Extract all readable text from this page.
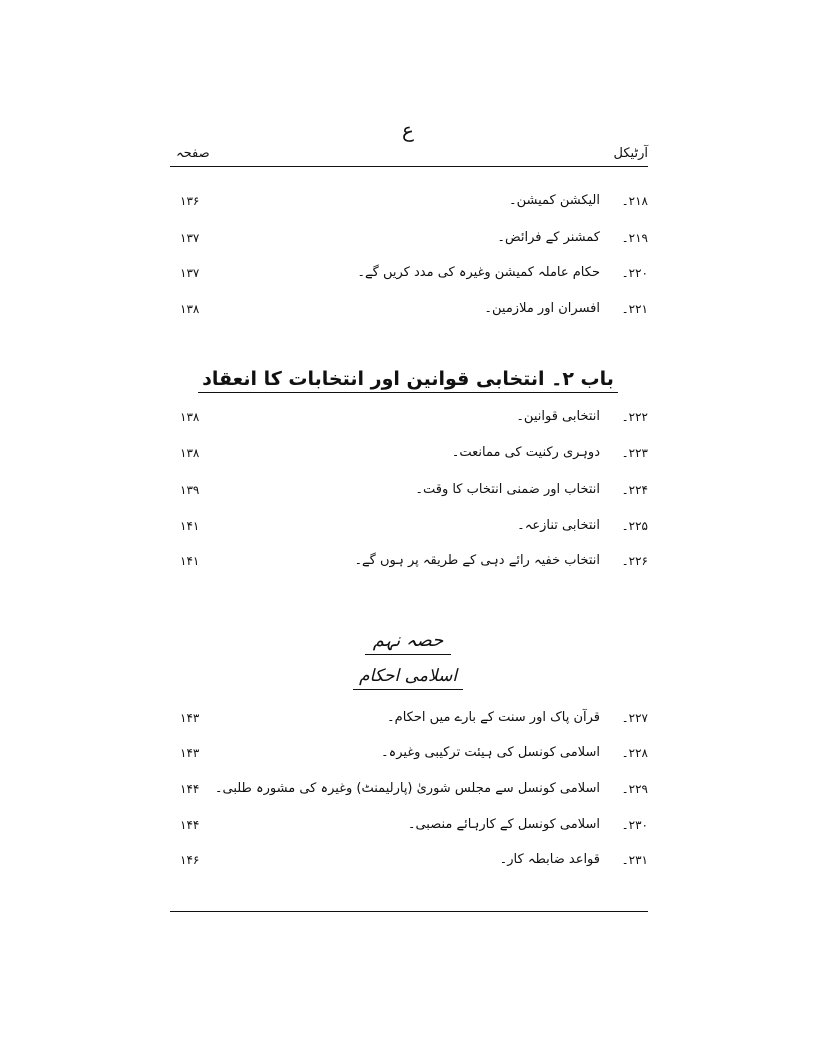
ع
صفحہ	آرٹیکل
۱۳۶	الیکشن کمیشن۔ ۲۱۸۔
۱۳۷	کمشنر کے فرائض۔ ۲۱۹۔
۱۳۷	حکام عاملہ کمیشن وغیرہ کی مدد کریں گے۔ ۲۲۰۔
۱۳۸	افسران اور ملازمین۔ ۲۲۱۔
باب ۲۔ انتخابی قوانین اور انتخابات کا انعقاد
۱۳۸	انتخابی قوانین۔ ۲۲۲۔
۱۳۸	دوہری رکنیت کی ممانعت۔ ۲۲۳۔
۱۳۹	انتخاب اور ضمنی انتخاب کا وقت۔ ۲۲۴۔
۱۴۱	انتخابی تنازعہ۔ ۲۲۵۔
۱۴۱	انتخاب خفیہ رائے دہی کے طریقہ پر ہوں گے۔ ۲۲۶۔
حصہ نہم
اسلامی احکام
۱۴۳	قرآن پاک اور سنت کے بارے میں احکام۔ ۲۲۷۔
۱۴۳	اسلامی کونسل کی ہیئت ترکیبی وغیرہ۔ ۲۲۸۔
۱۴۴ اسلامی کونسل سے مجلس شوریٰ (پارلیمنٹ) وغیرہ کی مشورہ طلبی۔ ۲۲۹۔
۱۴۴	اسلامی کونسل کے کارہائے منصبی۔ ۲۳۰۔
۱۴۶	قواعد ضابطہ کار۔ ۲۳۱۔
